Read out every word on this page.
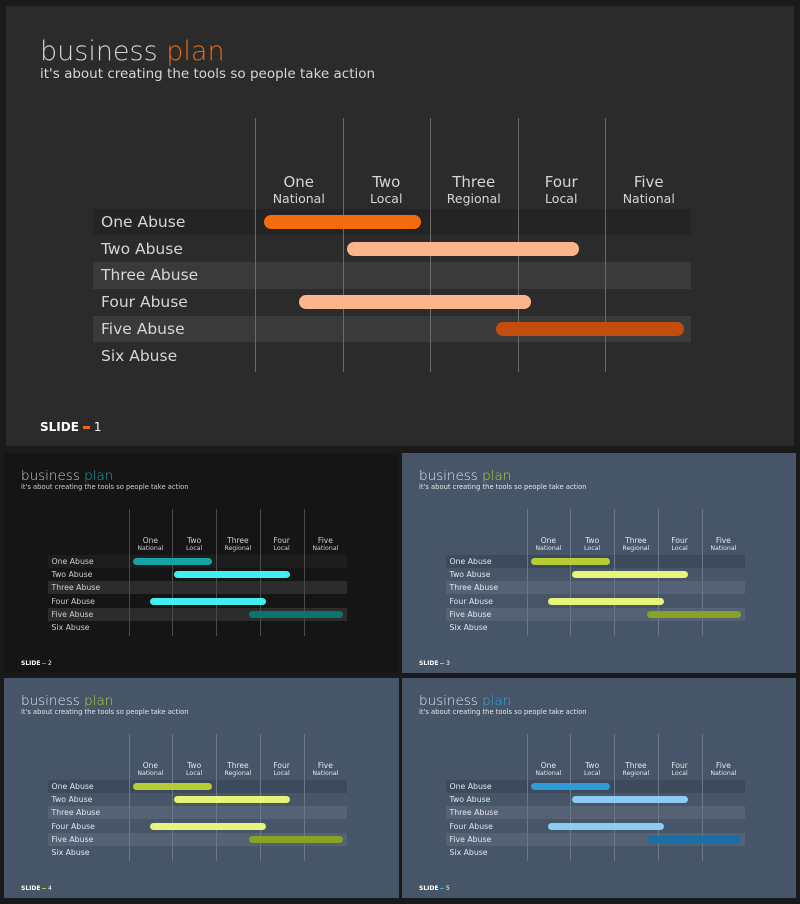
business plan
it's about creating the tools so people take action
One
National
Two
Local
Three
Regional
Four
Local
Five
National
One Abuse
Two Abuse
Three Abuse
Four Abuse
Five Abuse
Six Abuse
SLIDE 1
business plan
it's about creating the tools so people take action
One
National
Two
Local
Three
Regional
Four
Local
Five
National
One Abuse
Two Abuse
Three Abuse
Four Abuse
Five Abuse
Six Abuse
SLIDE 2
business plan
it's about creating the tools so people take action
One
National
Two
Local
Three
Regional
Four
Local
Five
National
One Abuse
Two Abuse
Three Abuse
Four Abuse
Five Abuse
Six Abuse
SLIDE 3
business plan
it's about creating the tools so people take action
One
National
Two
Local
Three
Regional
Four
Local
Five
National
One Abuse
Two Abuse
Three Abuse
Four Abuse
Five Abuse
Six Abuse
SLIDE 4
business plan
it's about creating the tools so people take action
One
National
Two
Local
Three
Regional
Four
Local
Five
National
One Abuse
Two Abuse
Three Abuse
Four Abuse
Five Abuse
Six Abuse
SLIDE 5
